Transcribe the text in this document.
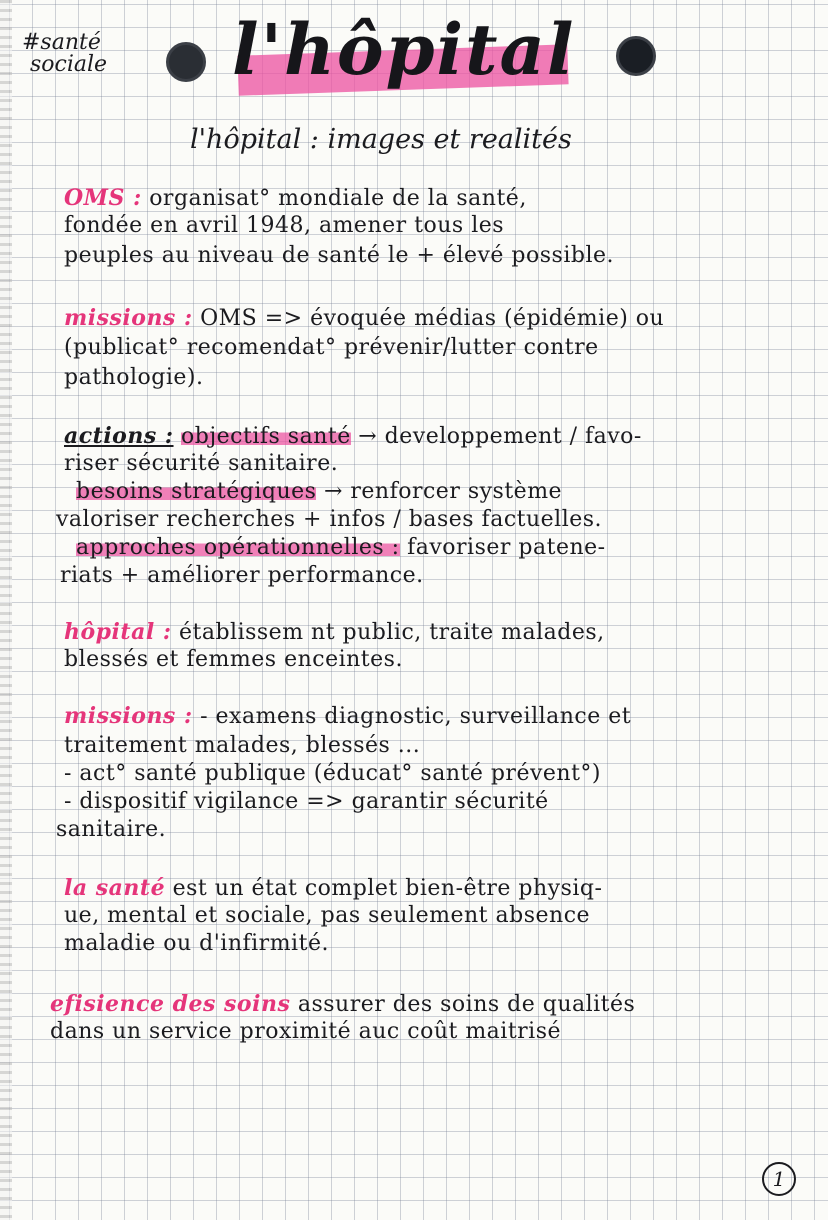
#santé
sociale l'hôpital
l'hôpital : images et realités
OMS : organisat° mondiale de la santé,
fondée en avril 1948, amener tous les
peuples au niveau de santé le + élevé possible.
missions : OMS => évoquée médias (épidémie) ou
(publicat° recomendat° prévenir/lutter contre
pathologie).
actions : objectifs santé → developpement / favo-
riser sécurité sanitaire.
besoins stratégiques → renforcer système
valoriser recherches + infos / bases factuelles.
approches opérationnelles : favoriser patene-
riats + améliorer performance.
hôpital : établissem nt public, traite malades,
blessés et femmes enceintes.
missions : - examens diagnostic, surveillance et
traitement malades, blessés ...
- act° santé publique (éducat° santé prévent°)
- dispositif vigilance => garantir sécurité
sanitaire.
la santé est un état complet bien-être physiq-
ue, mental et sociale, pas seulement absence
maladie ou d'infirmité.
efisience des soins assurer des soins de qualités
dans un service proximité auc coût maitrisé
1
